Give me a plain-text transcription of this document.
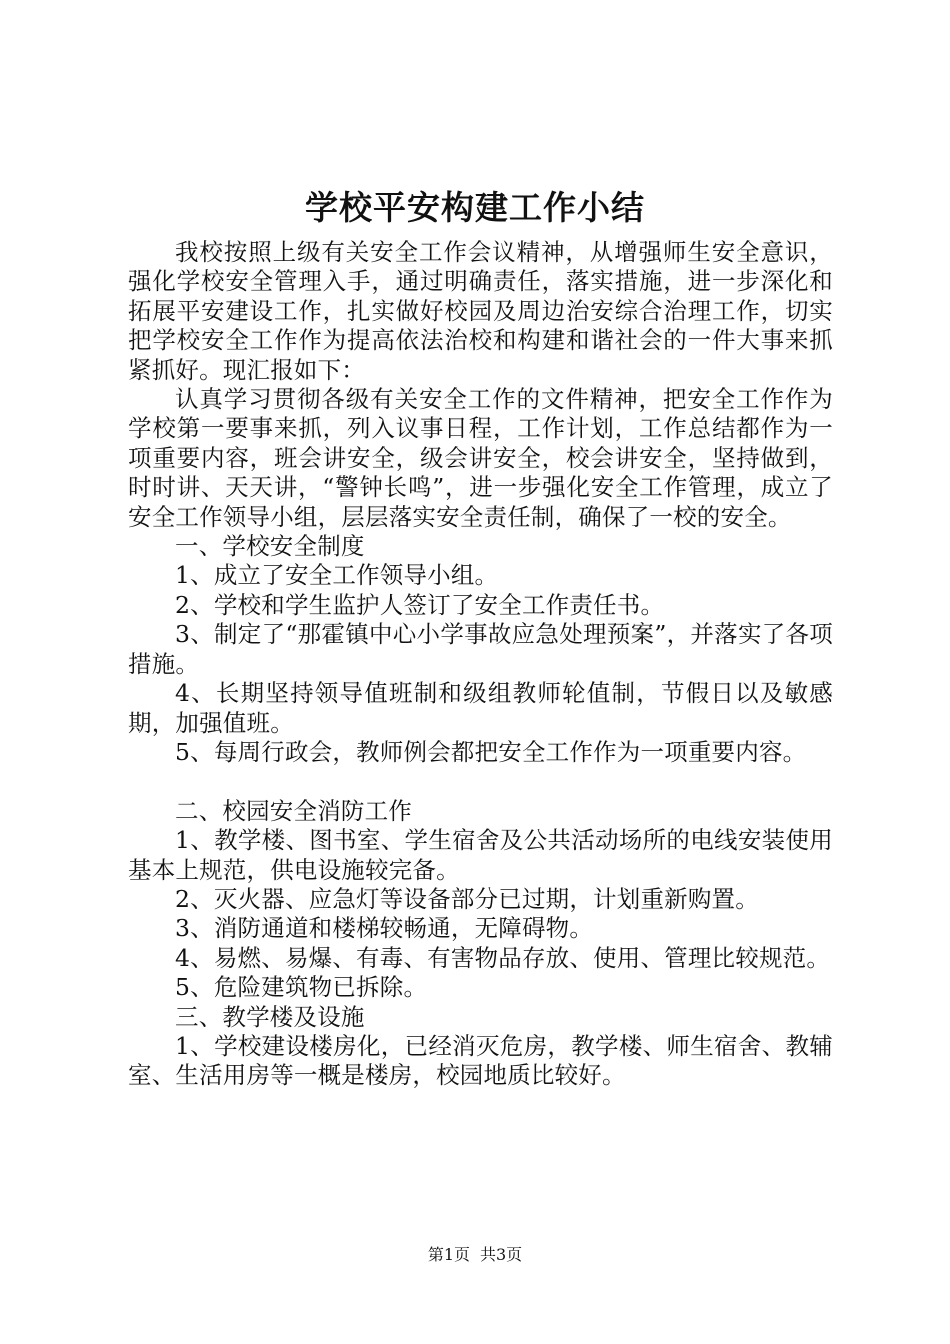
学校平安构建工作小结

我校按照上级有关安全工作会议精神，从增强师生安全意识，强化学校安全管理入手，通过明确责任，落实措施，进一步深化和拓展平安建设工作，扎实做好校园及周边治安综合治理工作，切实把学校安全工作作为提高依法治校和构建和谐社会的一件大事来抓紧抓好。现汇报如下：

认真学习贯彻各级有关安全工作的文件精神，把安全工作作为学校第一要事来抓，列入议事日程，工作计划，工作总结都作为一项重要内容，班会讲安全，级会讲安全，校会讲安全，坚持做到，时时讲、天天讲，“警钟长鸣”，进一步强化安全工作管理，成立了安全工作领导小组，层层落实安全责任制，确保了一校的安全。

一、学校安全制度

1、成立了安全工作领导小组。

2、学校和学生监护人签订了安全工作责任书。

3、制定了“那霍镇中心小学事故应急处理预案”，并落实了各项措施。

4、长期坚持领导值班制和级组教师轮值制，节假日以及敏感期，加强值班。

5、每周行政会，教师例会都把安全工作作为一项重要内容。

二、校园安全消防工作

1、教学楼、图书室、学生宿舍及公共活动场所的电线安装使用基本上规范，供电设施较完备。

2、灭火器、应急灯等设备部分已过期，计划重新购置。

3、消防通道和楼梯较畅通，无障碍物。

4、易燃、易爆、有毒、有害物品存放、使用、管理比较规范。

5、危险建筑物已拆除。

三、教学楼及设施

1、学校建设楼房化，已经消灭危房，教学楼、师生宿舍、教辅室、生活用房等一概是楼房，校园地质比较好。

第1页 共3页
